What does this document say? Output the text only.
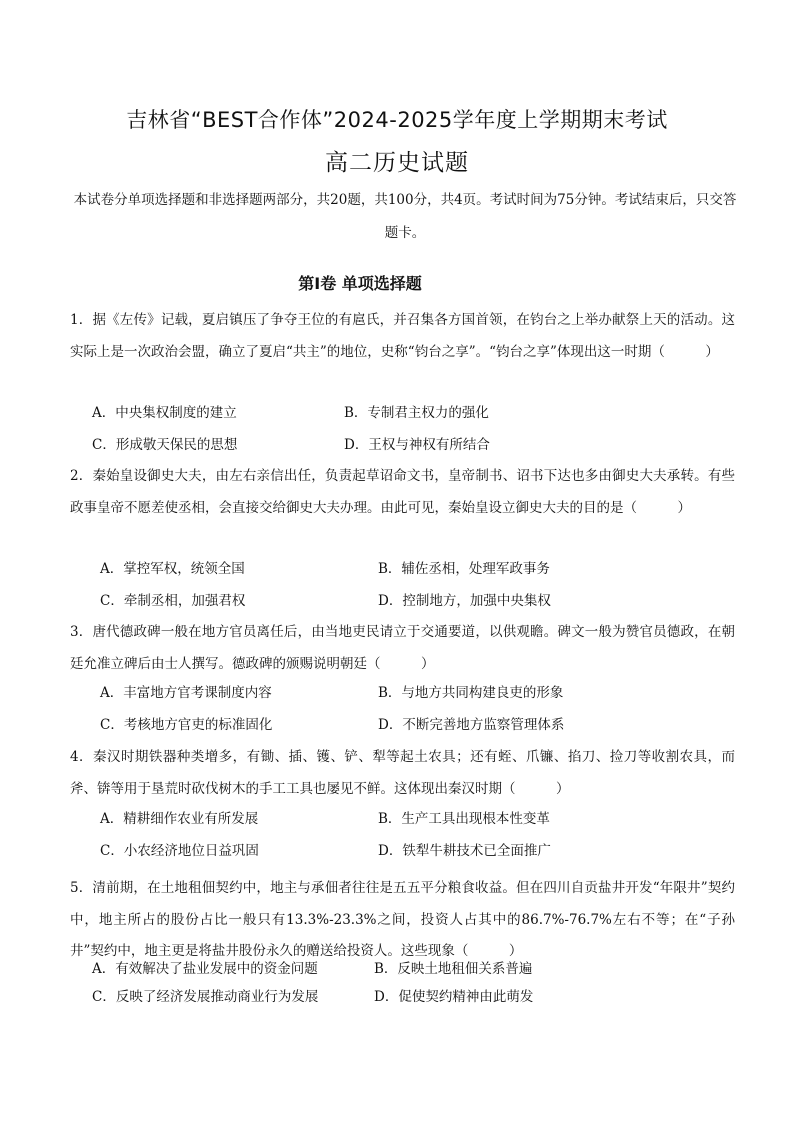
吉林省“BEST合作体”2024-2025学年度上学期期末考试
高二历史试题
本试卷分单项选择题和非选择题两部分，共20题，共100分，共4页。考试时间为75分钟。考试结束后，只交答题卡。
第Ⅰ卷 单项选择题
1．据《左传》记载，夏启镇压了争夺王位的有扈氏，并召集各方国首领，在钧台之上举办献祭上天的活动。这实际上是一次政治会盟，确立了夏启“共主”的地位，史称“钧台之享”。“钧台之享”体现出这一时期（　　　）
A．中央集权制度的建立	B．专制君主权力的强化
C．形成敬天保民的思想	D．王权与神权有所结合
2．秦始皇设御史大夫，由左右亲信出任，负责起草诏命文书，皇帝制书、诏书下达也多由御史大夫承转。有些政事皇帝不愿差使丞相，会直接交给御史大夫办理。由此可见，秦始皇设立御史大夫的目的是（　　　）
A．掌控军权，统领全国	B．辅佐丞相，处理军政事务
C．牵制丞相，加强君权	D．控制地方，加强中央集权
3．唐代德政碑一般在地方官员离任后，由当地吏民请立于交通要道，以供观瞻。碑文一般为赞官员德政，在朝廷允准立碑后由士人撰写。德政碑的颁赐说明朝廷（　　　）
A．丰富地方官考课制度内容	B．与地方共同构建良吏的形象
C．考核地方官吏的标准固化	D．不断完善地方监察管理体系
4．秦汉时期铁器种类增多，有锄、插、镬、铲、犁等起土农具；还有蛭、爪镰、掐刀、捡刀等收割农具，而斧、锛等用于垦荒时砍伐树木的手工工具也屡见不鲜。这体现出秦汉时期（　　　）
A．精耕细作农业有所发展	B．生产工具出现根本性变革
C．小农经济地位日益巩固	D．铁犁牛耕技术已全面推广
5．清前期，在土地租佃契约中，地主与承佃者往往是五五平分粮食收益。但在四川自贡盐井开发“年限井”契约中，地主所占的股份占比一般只有13.3%-23.3%之间，投资人占其中的86.7%-76.7%左右不等；在“子孙井”契约中，地主更是将盐井股份永久的赠送给投资人。这些现象（　　　）
A．有效解决了盐业发展中的资金问题	B．反映土地租佃关系普遍
C．反映了经济发展推动商业行为发展	D．促使契约精神由此萌发
